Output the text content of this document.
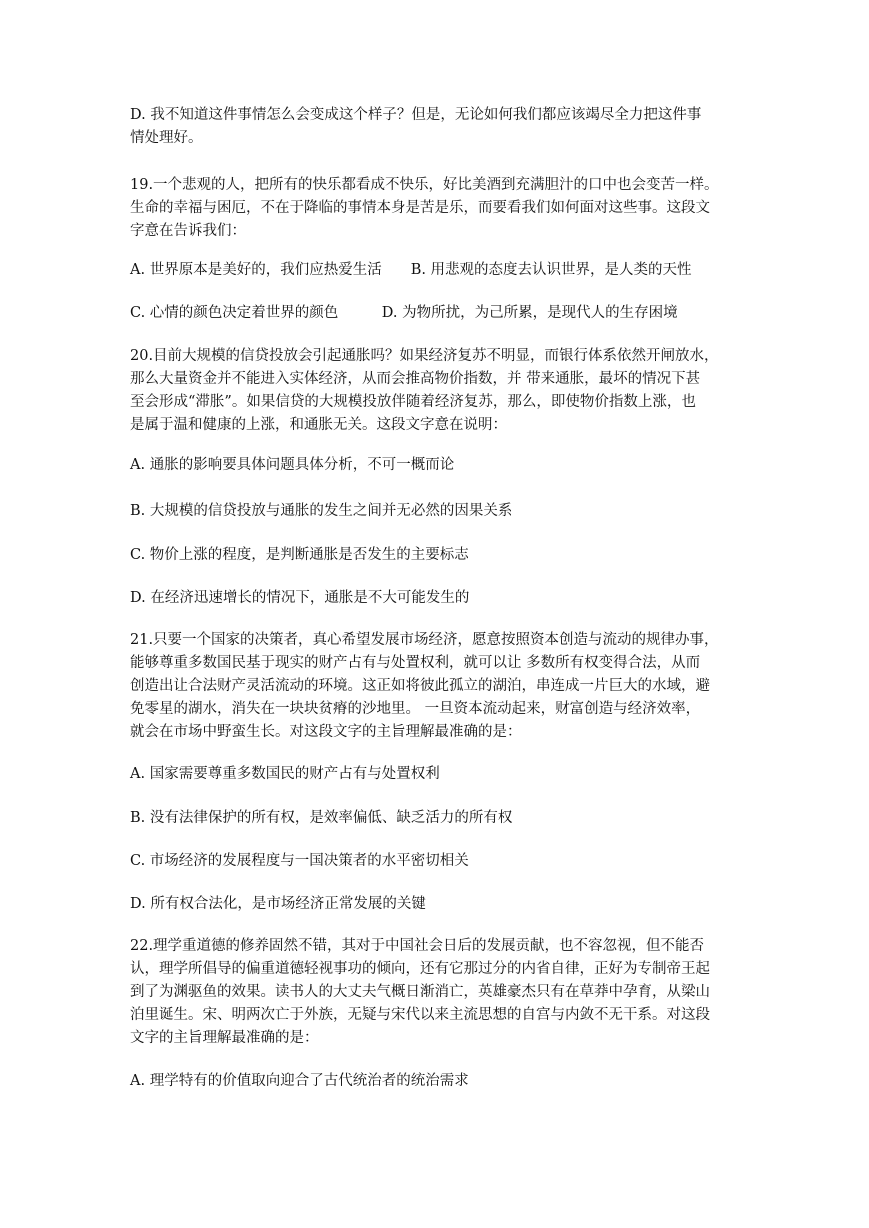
D. 我不知道这件事情怎么会变成这个样子？但是，无论如何我们都应该竭尽全力把这件事
情处理好。
19.一个悲观的人，把所有的快乐都看成不快乐，好比美酒到充满胆汁的口中也会变苦一样。
生命的幸福与困厄，不在于降临的事情本身是苦是乐，而要看我们如何面对这些事。这段文
字意在告诉我们：
A. 世界原本是美好的，我们应热爱生活　　B. 用悲观的态度去认识世界，是人类的天性
C. 心情的颜色决定着世界的颜色　　　D. 为物所扰，为己所累，是现代人的生存困境
20.目前大规模的信贷投放会引起通胀吗？如果经济复苏不明显，而银行体系依然开闸放水，
那么大量资金并不能进入实体经济，从而会推高物价指数，并 带来通胀，最坏的情况下甚
至会形成“滞胀”。如果信贷的大规模投放伴随着经济复苏，那么，即使物价指数上涨，也
是属于温和健康的上涨，和通胀无关。这段文字意在说明：
A. 通胀的影响要具体问题具体分析，不可一概而论
B. 大规模的信贷投放与通胀的发生之间并无必然的因果关系
C. 物价上涨的程度，是判断通胀是否发生的主要标志
D. 在经济迅速增长的情况下，通胀是不大可能发生的
21.只要一个国家的决策者，真心希望发展市场经济，愿意按照资本创造与流动的规律办事，
能够尊重多数国民基于现实的财产占有与处置权利，就可以让 多数所有权变得合法，从而
创造出让合法财产灵活流动的环境。这正如将彼此孤立的湖泊，串连成一片巨大的水域，避
免零星的湖水，消失在一块块贫瘠的沙地里。 一旦资本流动起来，财富创造与经济效率，
就会在市场中野蛮生长。对这段文字的主旨理解最准确的是：
A. 国家需要尊重多数国民的财产占有与处置权利
B. 没有法律保护的所有权，是效率偏低、缺乏活力的所有权
C. 市场经济的发展程度与一国决策者的水平密切相关
D. 所有权合法化，是市场经济正常发展的关键
22.理学重道德的修养固然不错，其对于中国社会日后的发展贡献，也不容忽视，但不能否
认，理学所倡导的偏重道德轻视事功的倾向，还有它那过分的内省自律，正好为专制帝王起
到了为渊驱鱼的效果。读书人的大丈夫气概日渐消亡，英雄豪杰只有在草莽中孕育，从梁山
泊里诞生。宋、明两次亡于外族，无疑与宋代以来主流思想的自宫与内敛不无干系。对这段
文字的主旨理解最准确的是：
A. 理学特有的价值取向迎合了古代统治者的统治需求
